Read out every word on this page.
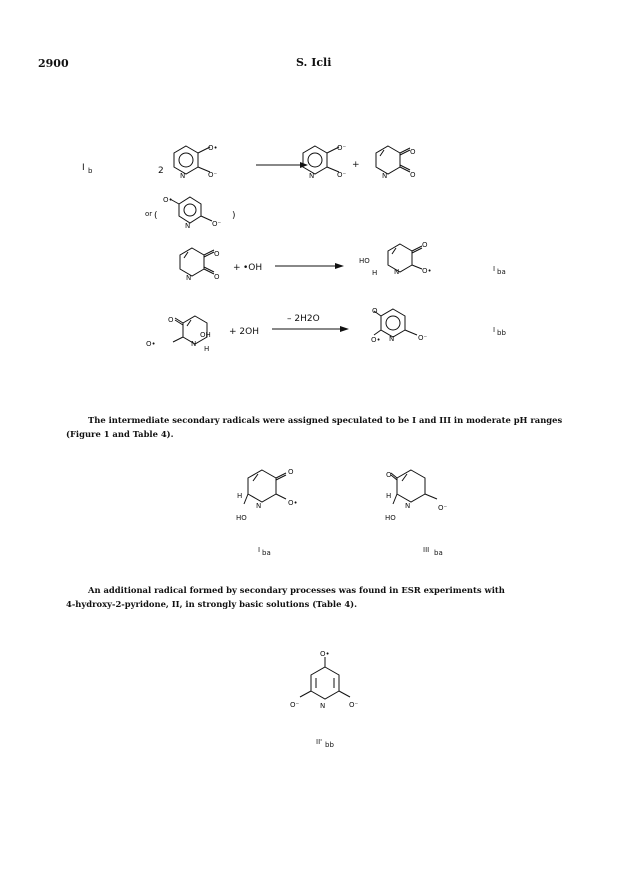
2900	S. Icli
I b	2
O•
N	O⁻
O⁻
N	O⁻
+
O
N	O
or (
O•
N	O⁻
)
O
N	O
+ •OH
O
HO
H N	O•	I ba
O
O•	N
OH
H
+ 2OH
– 2H2O
O
O• N	O⁻
I bb
O
H
HO
N	O•
O
H
HO
N	O⁻
I ba	III ba
O•
O⁻	N	O⁻
II' bb
The intermediate secondary radicals were assigned speculated to be I and III in moderate pH ranges
(Figure 1 and Table 4).
An additional radical formed by secondary processes was found in ESR experiments with
4-hydroxy-2-pyridone, II, in strongly basic solutions (Table 4).
